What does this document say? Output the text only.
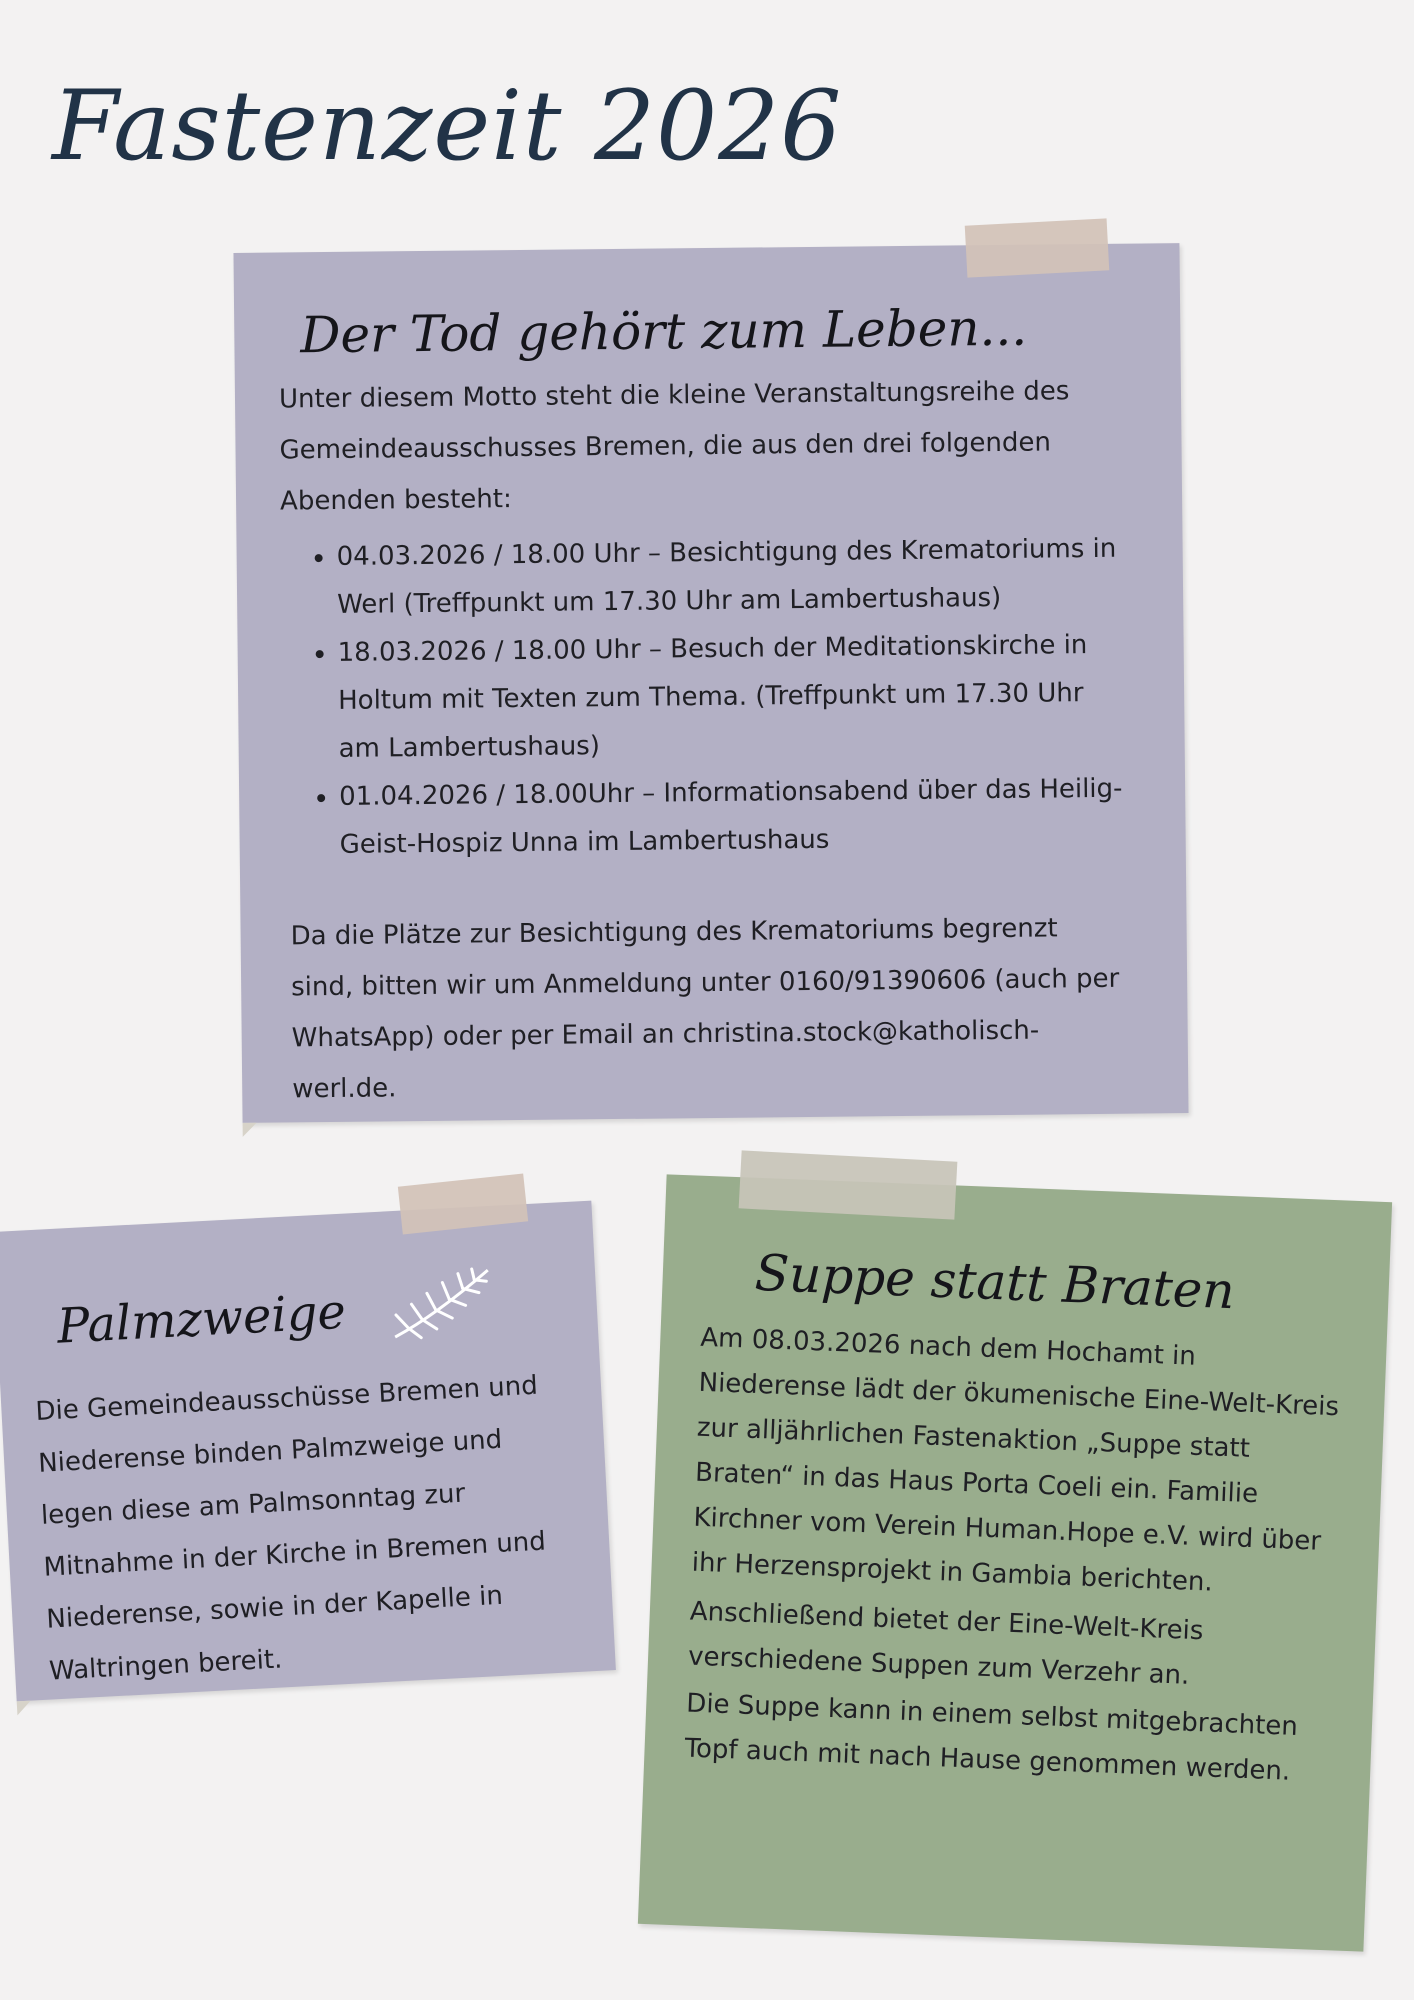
Fastenzeit 2026
Der Tod gehört zum Leben...

Unter diesem Motto steht die kleine Veranstaltungsreihe des Gemeindeausschusses Bremen, die aus den drei folgenden Abenden besteht:

• 04.03.2026 / 18.00 Uhr – Besichtigung des Krematoriums in Werl (Treffpunkt um 17.30 Uhr am Lambertushaus)
• 18.03.2026 / 18.00 Uhr – Besuch der Meditationskirche in Holtum mit Texten zum Thema. (Treffpunkt um 17.30 Uhr am Lambertushaus)
• 01.04.2026 / 18.00Uhr – Informationsabend über das Heilig-Geist-Hospiz Unna im Lambertushaus

Da die Plätze zur Besichtigung des Krematoriums begrenzt sind, bitten wir um Anmeldung unter 0160/91390606 (auch per WhatsApp) oder per Email an christina.stock@katholisch-werl.de.

Palmzweige

Die Gemeindeausschüsse Bremen und Niederense binden Palmzweige und legen diese am Palmsonntag zur Mitnahme in der Kirche in Bremen und Niederense, sowie in der Kapelle in Waltringen bereit.

Suppe statt Braten

Am 08.03.2026 nach dem Hochamt in Niederense lädt der ökumenische Eine-Welt-Kreis zur alljährlichen Fastenaktion „Suppe statt Braten“ in das Haus Porta Coeli ein. Familie Kirchner vom Verein Human.Hope e.V. wird über ihr Herzensprojekt in Gambia berichten.

Anschließend bietet der Eine-Welt-Kreis verschiedene Suppen zum Verzehr an.

Die Suppe kann in einem selbst mitgebrachten Topf auch mit nach Hause genommen werden.
